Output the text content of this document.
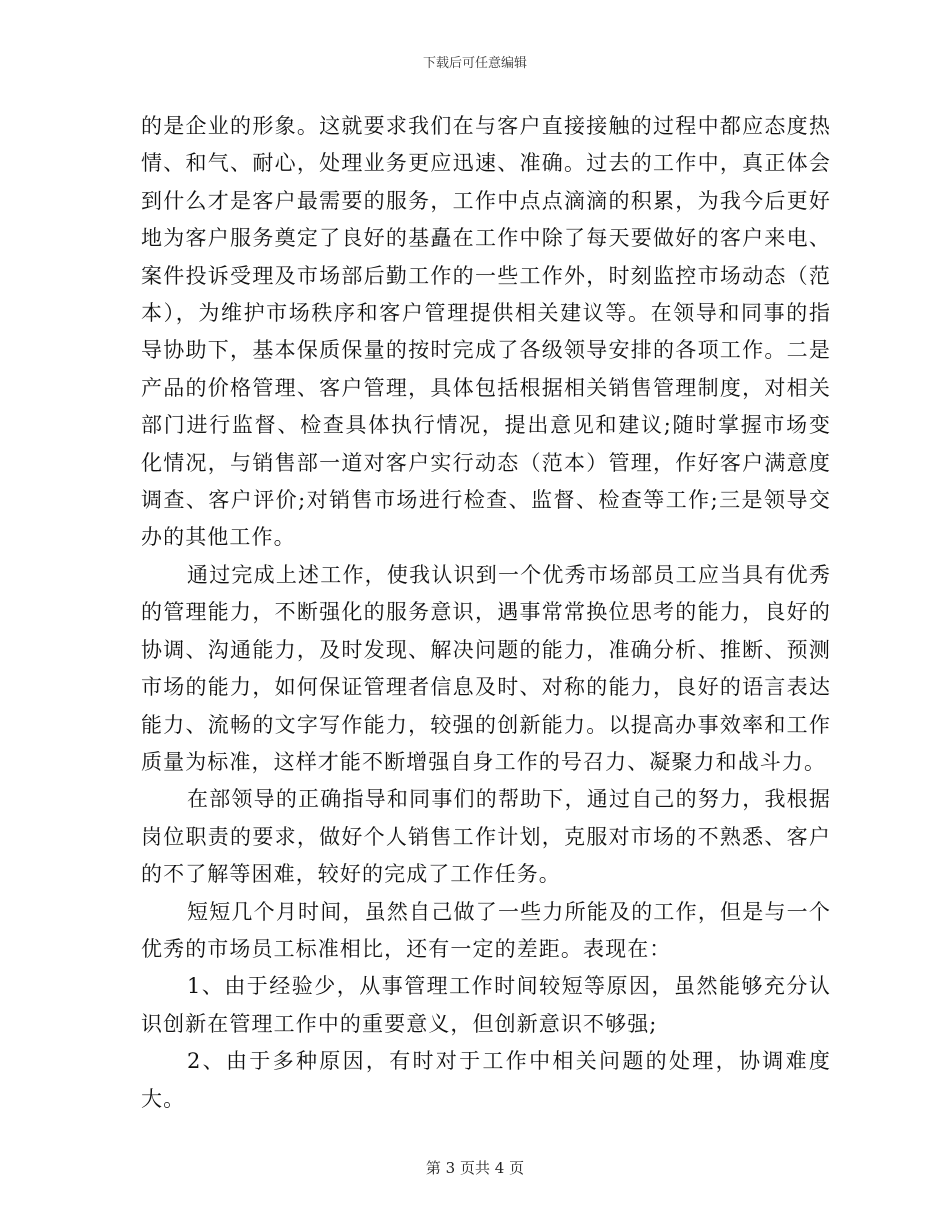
下载后可任意编辑

的是企业的形象。这就要求我们在与客户直接接触的过程中都应态度热情、和气、耐心，处理业务更应迅速、准确。过去的工作中，真正体会到什么才是客户最需要的服务，工作中点点滴滴的积累，为我今后更好地为客户服务奠定了良好的基矗在工作中除了每天要做好的客户来电、案件投诉受理及市场部后勤工作的一些工作外，时刻监控市场动态（范本），为维护市场秩序和客户管理提供相关建议等。在领导和同事的指导协助下，基本保质保量的按时完成了各级领导安排的各项工作。二是产品的价格管理、客户管理，具体包括根据相关销售管理制度，对相关部门进行监督、检查具体执行情况，提出意见和建议;随时掌握市场变化情况，与销售部一道对客户实行动态（范本）管理，作好客户满意度调查、客户评价;对销售市场进行检查、监督、检查等工作;三是领导交办的其他工作。

通过完成上述工作，使我认识到一个优秀市场部员工应当具有优秀的管理能力，不断强化的服务意识，遇事常常换位思考的能力，良好的协调、沟通能力，及时发现、解决问题的能力，准确分析、推断、预测市场的能力，如何保证管理者信息及时、对称的能力，良好的语言表达能力、流畅的文字写作能力，较强的创新能力。以提高办事效率和工作质量为标准，这样才能不断增强自身工作的号召力、凝聚力和战斗力。

在部领导的正确指导和同事们的帮助下，通过自己的努力，我根据岗位职责的要求，做好个人销售工作计划，克服对市场的不熟悉、客户的不了解等困难，较好的完成了工作任务。

短短几个月时间，虽然自己做了一些力所能及的工作，但是与一个优秀的市场员工标准相比，还有一定的差距。表现在：

1、由于经验少，从事管理工作时间较短等原因，虽然能够充分认识创新在管理工作中的重要意义，但创新意识不够强;

2、由于多种原因，有时对于工作中相关问题的处理，协调难度大。

第 3 页共 4 页
